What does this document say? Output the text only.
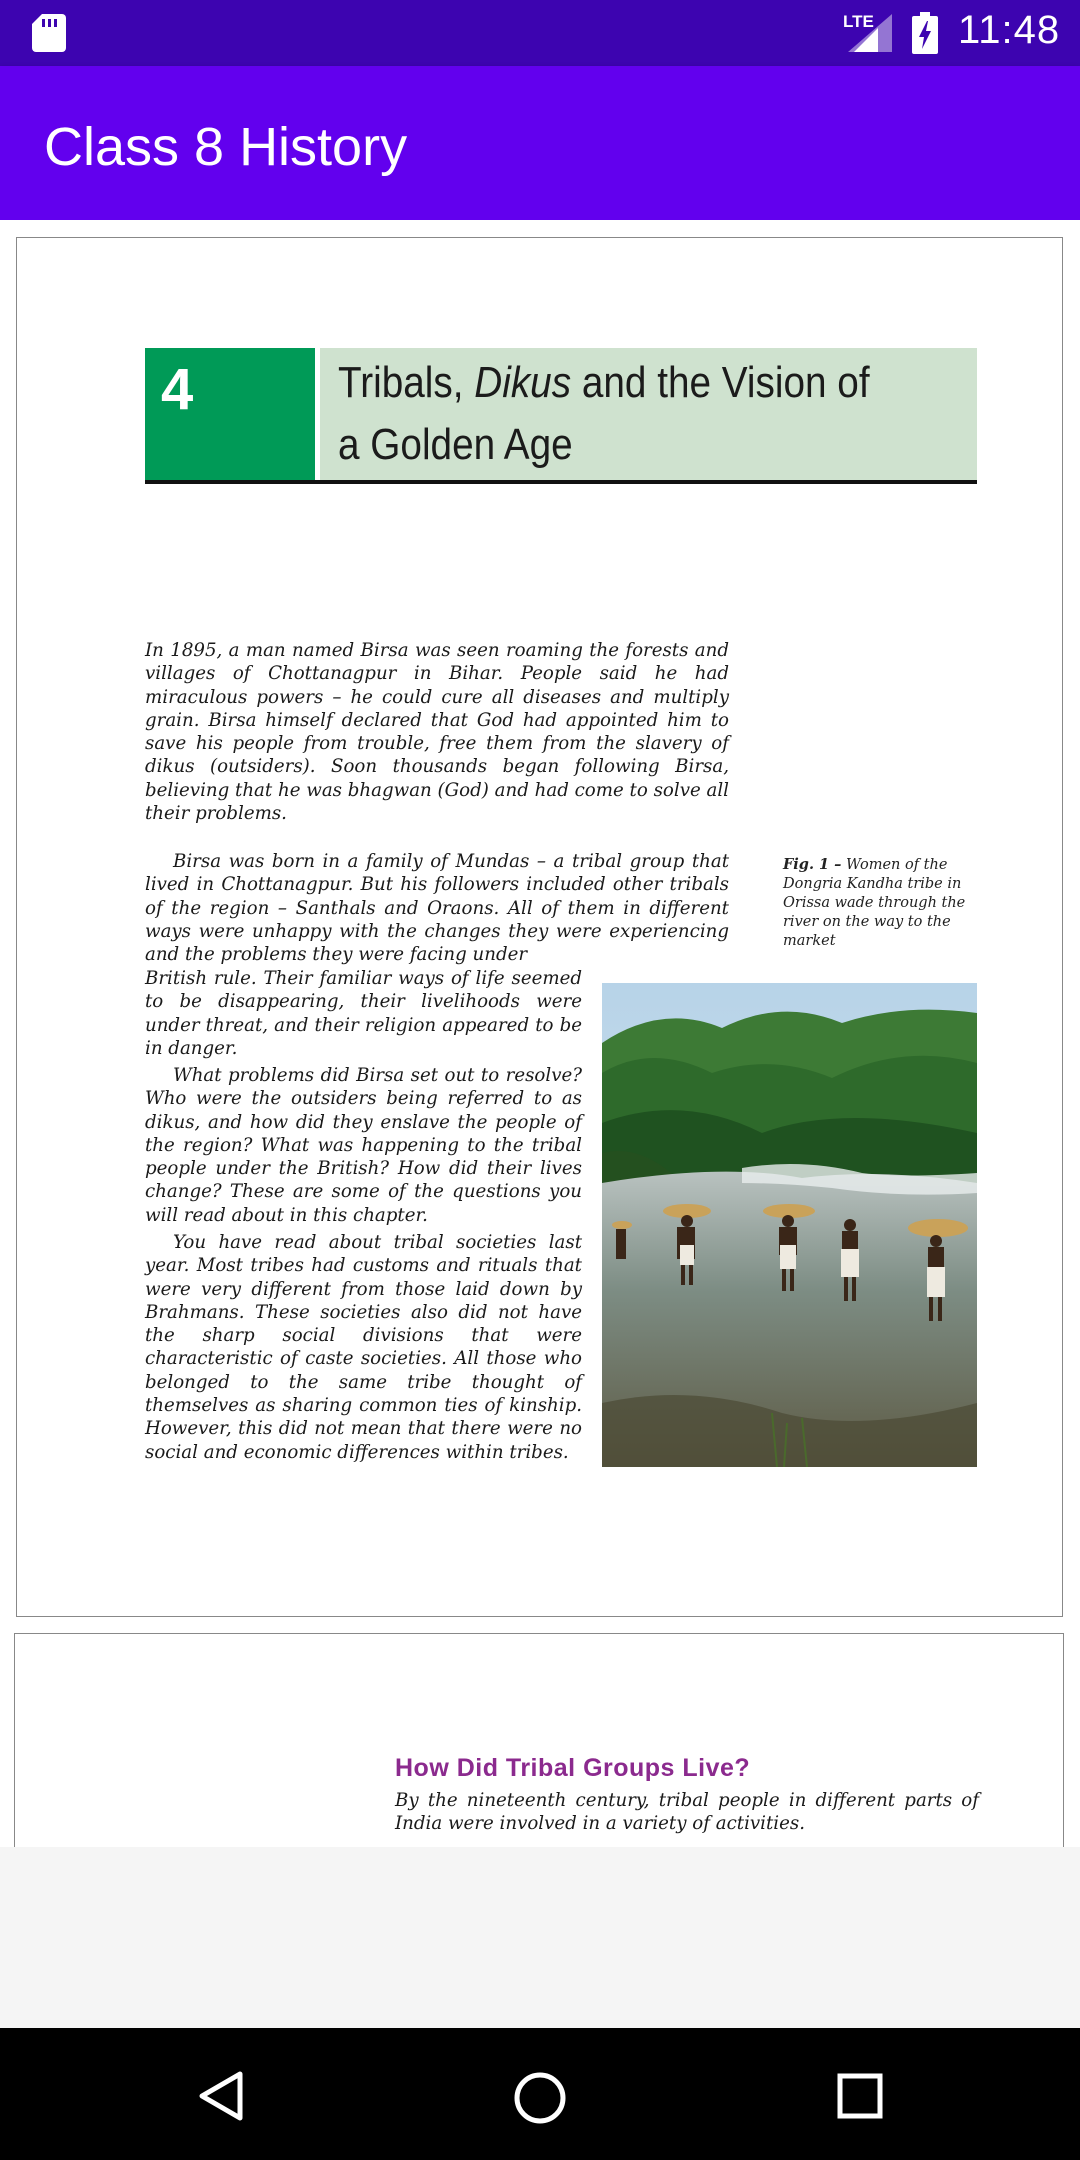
LTE 11:48
Class 8 History
4	Tribals, Dikus and the Vision of a Golden Age

In 1895, a man named Birsa was seen roaming the forests and villages of Chottanagpur in Bihar. People said he had miraculous powers – he could cure all diseases and multiply grain. Birsa himself declared that God had appointed him to save his people from trouble, free them from the slavery of dikus (outsiders). Soon thousands began following Birsa, believing that he was bhagwan (God) and had come to solve all their problems.

Birsa was born in a family of Mundas – a tribal group that lived in Chottanagpur. But his followers included other tribals of the region – Santhals and Oraons. All of them in different ways were unhappy with the changes they were experiencing and the problems they were facing under

British rule. Their familiar ways of life seemed to be disappearing, their livelihoods were under threat, and their religion appeared to be in danger.

What problems did Birsa set out to resolve? Who were the outsiders being referred to as dikus, and how did they enslave the people of the region? What was happening to the tribal people under the British? How did their lives change? These are some of the questions you will read about in this chapter.

You have read about tribal societies last year. Most tribes had customs and rituals that were very different from those laid down by Brahmans. These societies also did not have the sharp social divisions that were characteristic of caste societies. All those who belonged to the same tribe thought of themselves as sharing common ties of kinship. However, this did not mean that there were no social and economic differences within tribes.

Fig. 1 – Women of the Dongria Kandha tribe in Orissa wade through the river on the way to the market
How Did Tribal Groups Live?

By the nineteenth century, tribal people in different parts of India were involved in a variety of activities.
